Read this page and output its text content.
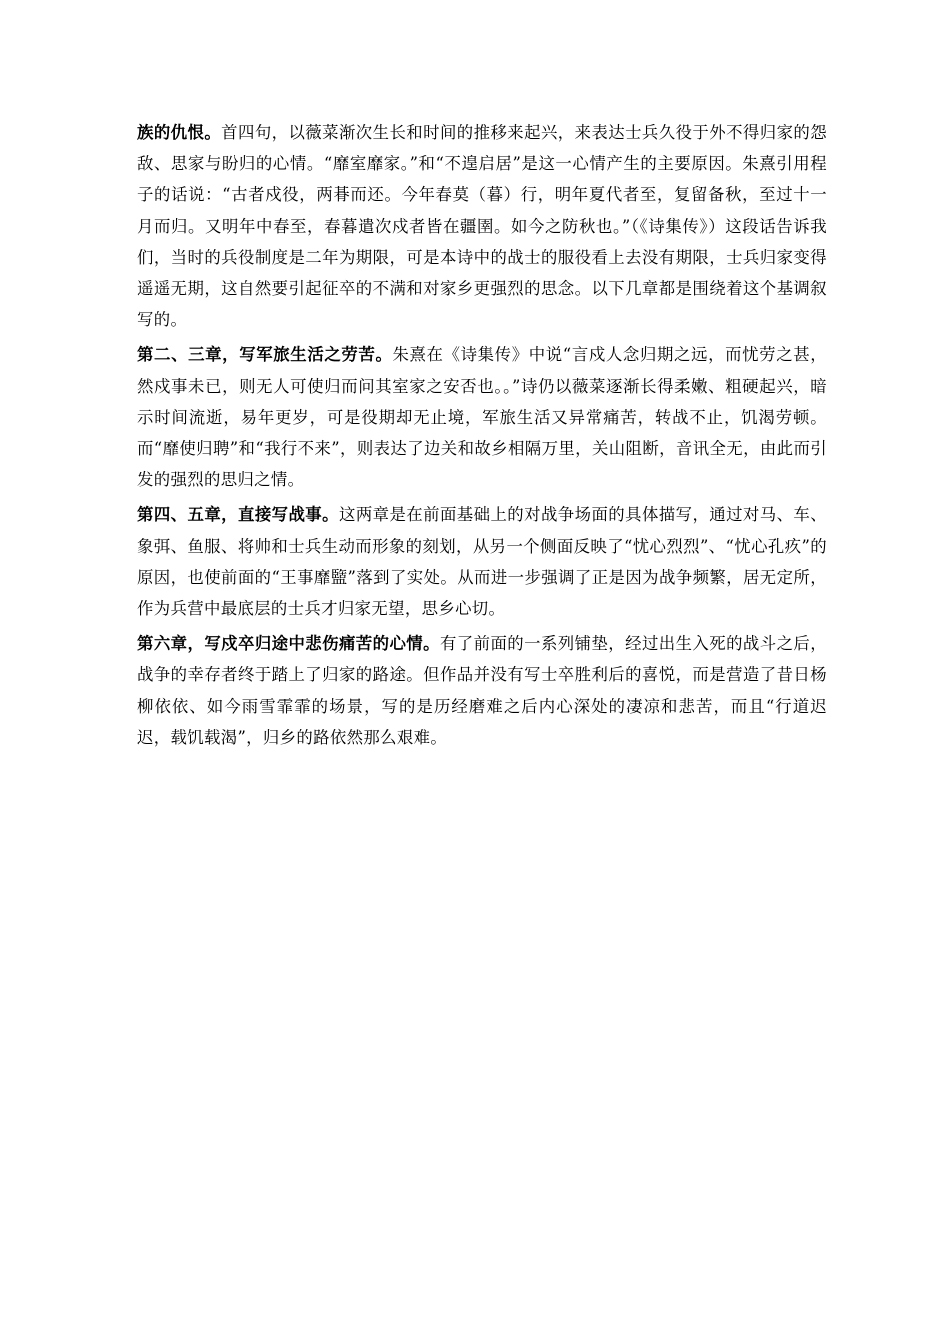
族的仇恨。首四句，以薇菜渐次生长和时间的推移来起兴，来表达士兵久役于外不得归家的怨敌、思家与盼归的心情。“靡室靡家。”和“不遑启居”是这一心情产生的主要原因。朱熹引用程子的话说：“古者戍役，两朞而还。今年春莫（暮）行，明年夏代者至，复留备秋，至过十一月而归。又明年中春至，春暮遣次戍者皆在疆圉。如今之防秋也。”（《诗集传》）这段话告诉我们，当时的兵役制度是二年为期限，可是本诗中的战士的服役看上去没有期限，士兵归家变得遥遥无期，这自然要引起征卒的不满和对家乡更强烈的思念。以下几章都是围绕着这个基调叙写的。

第二、三章，写军旅生活之劳苦。朱熹在《诗集传》中说“言戍人念归期之远，而忧劳之甚，然戍事未已，则无人可使归而问其室家之安否也。。”诗仍以薇菜逐渐长得柔嫩、粗硬起兴，暗示时间流逝，易年更岁，可是役期却无止境，军旅生活又异常痛苦，转战不止，饥渴劳顿。而“靡使归聘”和“我行不来”，则表达了边关和故乡相隔万里，关山阻断，音讯全无，由此而引发的强烈的思归之情。

第四、五章，直接写战事。这两章是在前面基础上的对战争场面的具体描写，通过对马、车、象弭、鱼服、将帅和士兵生动而形象的刻划，从另一个侧面反映了“忧心烈烈”、“忧心孔疚”的原因，也使前面的“王事靡盬”落到了实处。从而进一步强调了正是因为战争频繁，居无定所，作为兵营中最底层的士兵才归家无望，思乡心切。

第六章，写戍卒归途中悲伤痛苦的心情。有了前面的一系列铺垫，经过出生入死的战斗之后，战争的幸存者终于踏上了归家的路途。但作品并没有写士卒胜利后的喜悦，而是营造了昔日杨柳依依、如今雨雪霏霏的场景，写的是历经磨难之后内心深处的凄凉和悲苦，而且“行道迟迟，载饥载渴”，归乡的路依然那么艰难。
